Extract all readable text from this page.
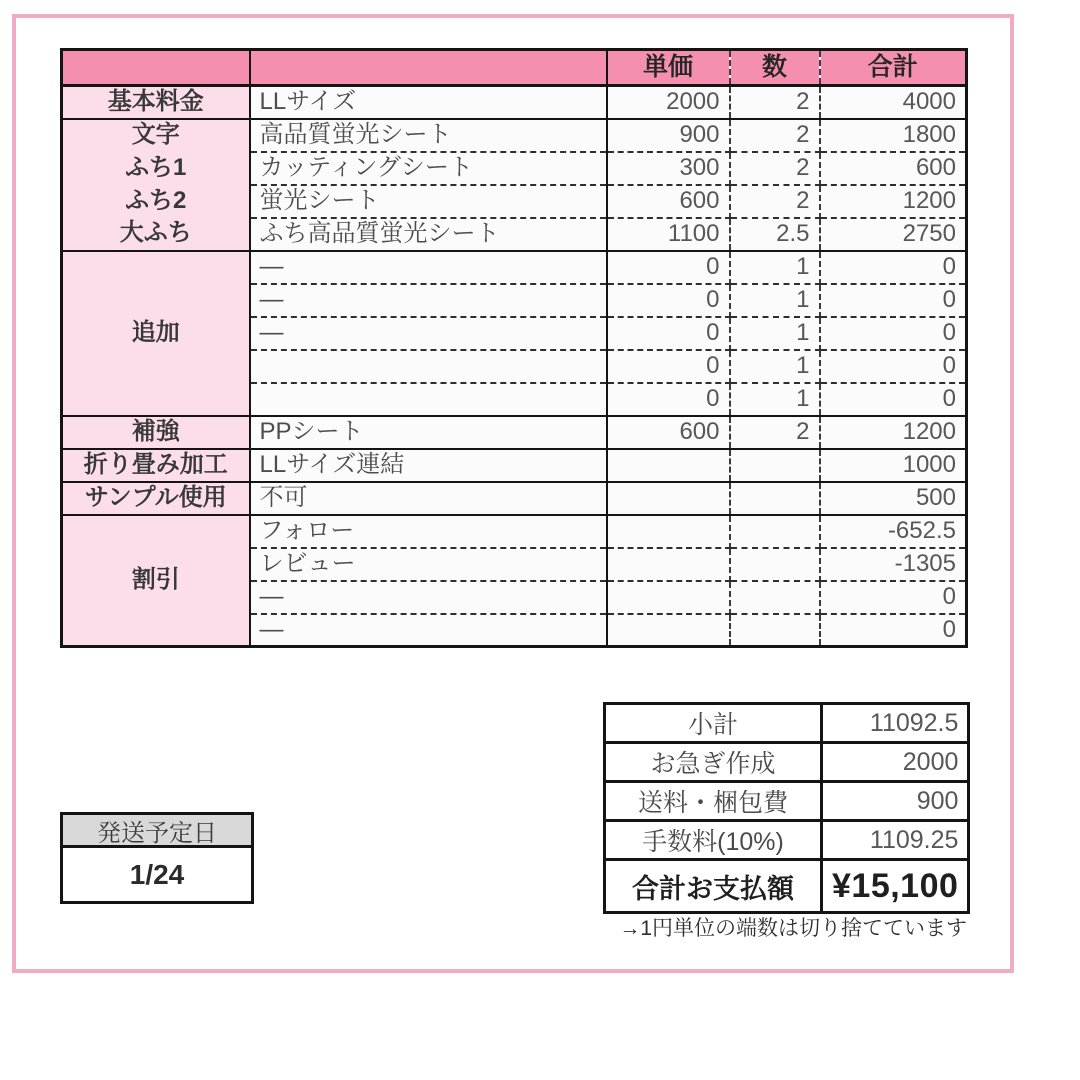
		単価	数	合計
基本料金	LLサイズ	2000	2	4000
文字	高品質蛍光シート	900	2	1800
ふち1	カッティングシート	300	2	600
ふち2	蛍光シート	600	2	1200
大ふち	ふち高品質蛍光シート	1100	2.5	2750
追加	—	0	1	0
	—	0	1	0
	—	0	1	0
		0	1	0
		0	1	0
補強	PPシート	600	2	1200
折り畳み加工	LLサイズ連結			1000
サンプル使用	不可			500
割引	フォロー			-652.5
	レビュー			-1305
	—			0
	—			0
小計	11092.5
お急ぎ作成	2000
送料・梱包費	900
手数料(10%)	1109.25
合計お支払額	¥15,100
→1円単位の端数は切り捨てています
発送予定日
1/24
